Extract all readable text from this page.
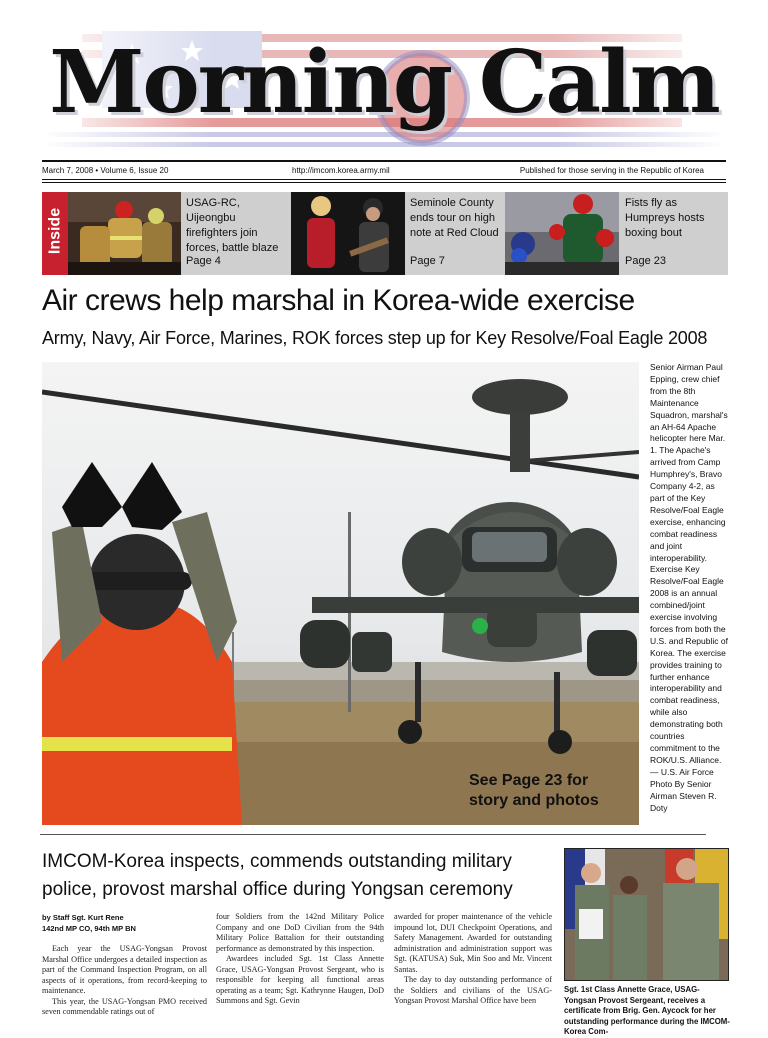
Morning Calm
March 7, 2008 • Volume 6, Issue 20	http://imcom.korea.army.mil	Published for those serving in the Republic of Korea
Inside
USAG-RC, Uijeongbu firefighters join forces, battle blaze
Page 4
Seminole County ends tour on high note at Red Cloud
Page 7
Fists fly as Humpreys hosts boxing bout
Page 23
Air crews help marshal in Korea-wide exercise
Army, Navy, Air Force, Marines, ROK forces step up for Key Resolve/Foal Eagle 2008
See Page 23 for story and photos
Senior Airman Paul Epping, crew chief from the 8th Maintenance Squadron, marshal's an AH-64 Apache helicopter here Mar. 1. The Apache's arrived from Camp Humphrey's, Bravo Company 4-2, as part of the Key Resolve/Foal Eagle exercise, enhancing combat readiness and joint interoperability. Exercise Key Resolve/Foal Eagle 2008 is an annual combined/joint exercise involving forces from both the U.S. and Republic of Korea. The exercise provides training to further enhance interoperability and combat readiness, while also demonstrating both countries commitment to the ROK/U.S. Alliance. — U.S. Air Force Photo By Senior Airman Steven R. Doty
IMCOM-Korea inspects, commends outstanding military police, provost marshal office during Yongsan ceremony
by Staff Sgt. Kurt Rene
142nd MP CO, 94th MP BN

Each year the USAG-Yongsan Provost Marshal Office undergoes a detailed inspection as part of the Command Inspection Program, on all aspects of it operations, from record-keeping to maintenance.

This year, the USAG-Yongsan PMO received seven commendable ratings out of

four Soldiers from the 142nd Military Police Company and one DoD Civilian from the 94th Military Police Battalion for their outstanding performance as demonstrated by this inspection.

Awardees included Sgt. 1st Class Annette Grace, USAG-Yongsan Provost Sergeant, who is responsible for keeping all functional areas operating as a team; Sgt. Kathrynne Haugen, DoD Summons and Sgt. Gevin

awarded for proper maintenance of the vehicle impound lot, DUI Checkpoint Operations, and Safety Management. Awarded for outstanding administration and administration support was Sgt. (KATUSA) Suk, Min Soo and Mr. Vincent Santas.

The day to day outstanding performance of the Soldiers and civilians of the USAG-Yongsan Provost Marshal Office have been

Sgt. 1st Class Annette Grace, USAG-Yongsan Provost Sergeant, receives a certificate from Brig. Gen. Aycock for her outstanding performance during the IMCOM-Korea Com-
